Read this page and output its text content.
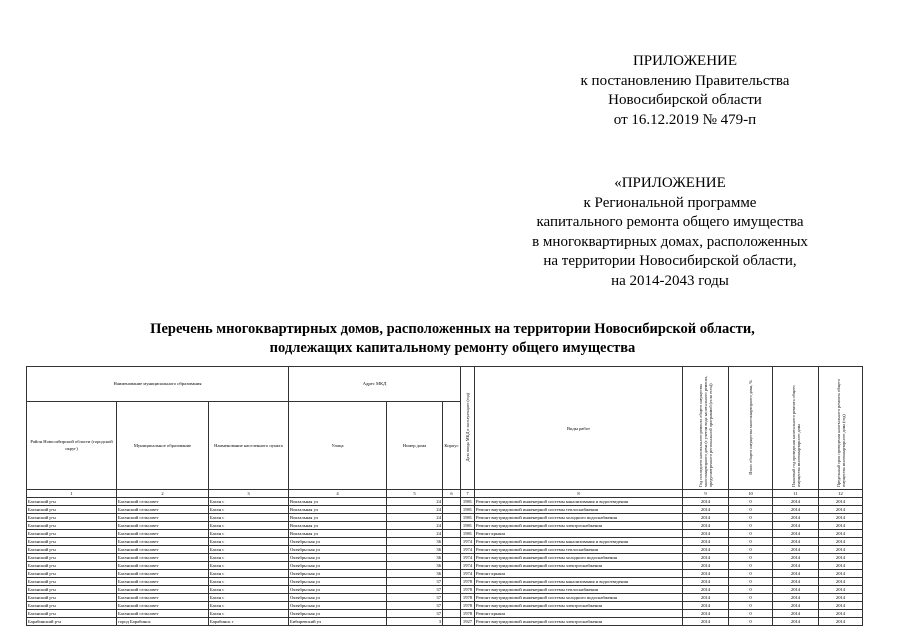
ПРИЛОЖЕНИЕ
к постановлению Правительства
Новосибирской области
от 16.12.2019 № 479-п
«ПРИЛОЖЕНИЕ
к Региональной программе
капитального ремонта общего имущества
в многоквартирных домах, расположенных
на территории Новосибирской области,
на 2014-2043 годы
Перечень многоквартирных домов, расположенных на территории Новосибирской области,
подлежащих капитальному ремонту общего имущества
Наименование муниципального образования			Адрес МКД			Дата ввода МКД в эксплуатацию (год)	Виды работ	Год последнего капитального ремонта общего имущества многоквартирного дома (с учетом вида капитального ремонта, предусмотренного региональной программой (если есть))	Износ общего имущества многоквартирного дома, %	Плановый год проведения капитального ремонта общего имущества многоквартирного дома	Предельный срок проведения капитального ремонта общего имущества многоквартирного дома (год)
Район Новосибирской области (городской округ)	Муниципальное образование	Наименование населенного пункта	Улица	Номер дома	Корпус						
1	2	3	4	5	6	7	8	9	10	11	12
Баганский р-н	Баганский сельсовет	Баган с	Вокзальная ул	24		1981	Ремонт внутридомовой инженерной системы канализования и водоотведения	2014	0	2014	2014
Баганский р-н	Баганский сельсовет	Баган с	Вокзальная ул	24		1981	Ремонт внутридомовой инженерной системы теплоснабжения	2014	0	2014	2014
Баганский р-н	Баганский сельсовет	Баган с	Вокзальная ул	24		1981	Ремонт внутридомовой инженерной системы холодного водоснабжения	2014	0	2014	2014
Баганский р-н	Баганский сельсовет	Баган с	Вокзальная ул	24		1981	Ремонт внутридомовой инженерной системы электроснабжения	2014	0	2014	2014
Баганский р-н	Баганский сельсовет	Баган с	Вокзальная ул	24		1981	Ремонт крыши	2014	0	2014	2014
Баганский р-н	Баганский сельсовет	Баган с	Октябрьская ул	36		1974	Ремонт внутридомовой инженерной системы канализования и водоотведения	2014	0	2014	2014
Баганский р-н	Баганский сельсовет	Баган с	Октябрьская ул	36		1974	Ремонт внутридомовой инженерной системы теплоснабжения	2014	0	2014	2014
Баганский р-н	Баганский сельсовет	Баган с	Октябрьская ул	36		1974	Ремонт внутридомовой инженерной системы холодного водоснабжения	2014	0	2014	2014
Баганский р-н	Баганский сельсовет	Баган с	Октябрьская ул	36		1974	Ремонт внутридомовой инженерной системы электроснабжения	2014	0	2014	2014
Баганский р-н	Баганский сельсовет	Баган с	Октябрьская ул	36		1974	Ремонт крыши	2014	0	2014	2014
Баганский р-н	Баганский сельсовет	Баган с	Октябрьская ул	37		1978	Ремонт внутридомовой инженерной системы канализования и водоотведения	2014	0	2014	2014
Баганский р-н	Баганский сельсовет	Баган с	Октябрьская ул	37		1978	Ремонт внутридомовой инженерной системы теплоснабжения	2014	0	2014	2014
Баганский р-н	Баганский сельсовет	Баган с	Октябрьская ул	37		1978	Ремонт внутридомовой инженерной системы холодного водоснабжения	2014	0	2014	2014
Баганский р-н	Баганский сельсовет	Баган с	Октябрьская ул	37		1978	Ремонт внутридомовой инженерной системы электроснабжения	2014	0	2014	2014
Баганский р-н	Баганский сельсовет	Баган с	Октябрьская ул	37		1978	Ремонт крыши	2014	0	2014	2014
Барабинский р-н	город Барабинск	Барабинск г	Бибиревский ул	3		1927	Ремонт внутридомовой инженерной системы электроснабжения	2014	0	2014	2014
